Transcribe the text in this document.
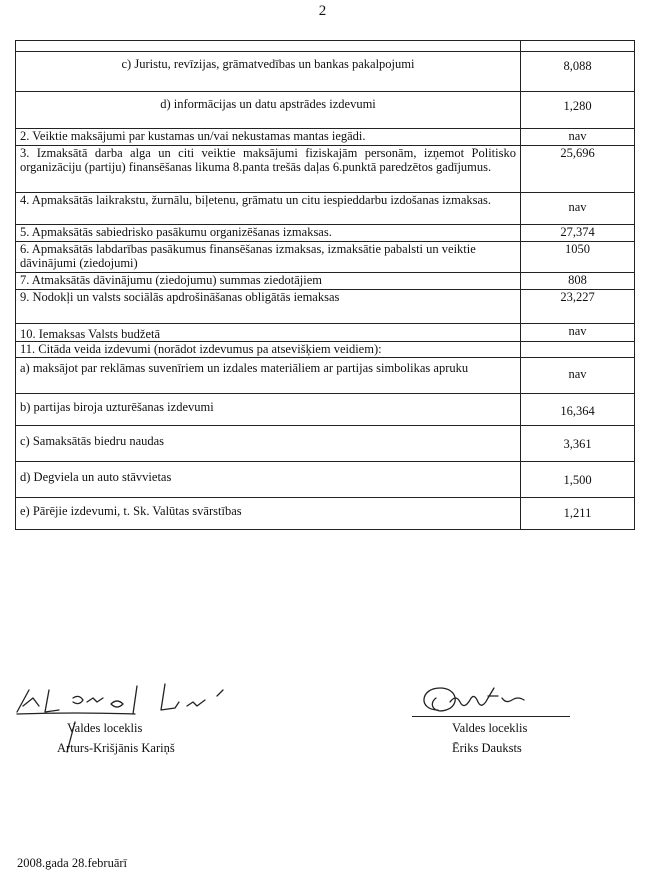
2

c) Juristu, revīzijas, grāmatvedības un bankas pakalpojumi	8,088
d) informācijas un datu apstrādes izdevumi	1,280
2. Veiktie maksājumi par kustamas un/vai nekustamas mantas iegādi.	nav
3. Izmaksātā darba alga un citi veiktie maksājumi fiziskajām personām, izņemot Politisko organizāciju (partiju) finansēšanas likuma 8.panta trešās daļas 6.punktā paredzētos gadījumus.	25,696
4. Apmaksātās laikrakstu, žurnālu, biļetenu, grāmatu un citu iespieddarbu izdošanas izmaksas.	nav
5. Apmaksātās sabiedrisko pasākumu organizēšanas izmaksas.	27,374
6. Apmaksātās labdarības pasākumus finansēšanas izmaksas, izmaksātie pabalsti un veiktie dāvinājumi (ziedojumi)	1050
7. Atmaksātās dāvinājumu (ziedojumu) summas ziedotājiem	808
9. Nodokļi un valsts sociālās apdrošināšanas obligātās iemaksas	23,227
10. Iemaksas Valsts budžetā	nav
11. Citāda veida izdevumi (norādot izdevumus pa atsevišķiem veidiem):	
a) maksājot par reklāmas suvenīriem un izdales materiāliem ar partijas simbolikas apruku	nav
b) partijas biroja uzturēšanas izdevumi	16,364
c) Samaksātās biedru naudas	3,361
d) Degviela un auto stāvvietas	1,500
e) Pārējie izdevumi, t. Sk. Valūtas svārstības	1,211
Valdes loceklis
Arturs-Krišjānis Kariņš
Valdes loceklis
Ēriks Dauksts
2008.gada 28.februārī
